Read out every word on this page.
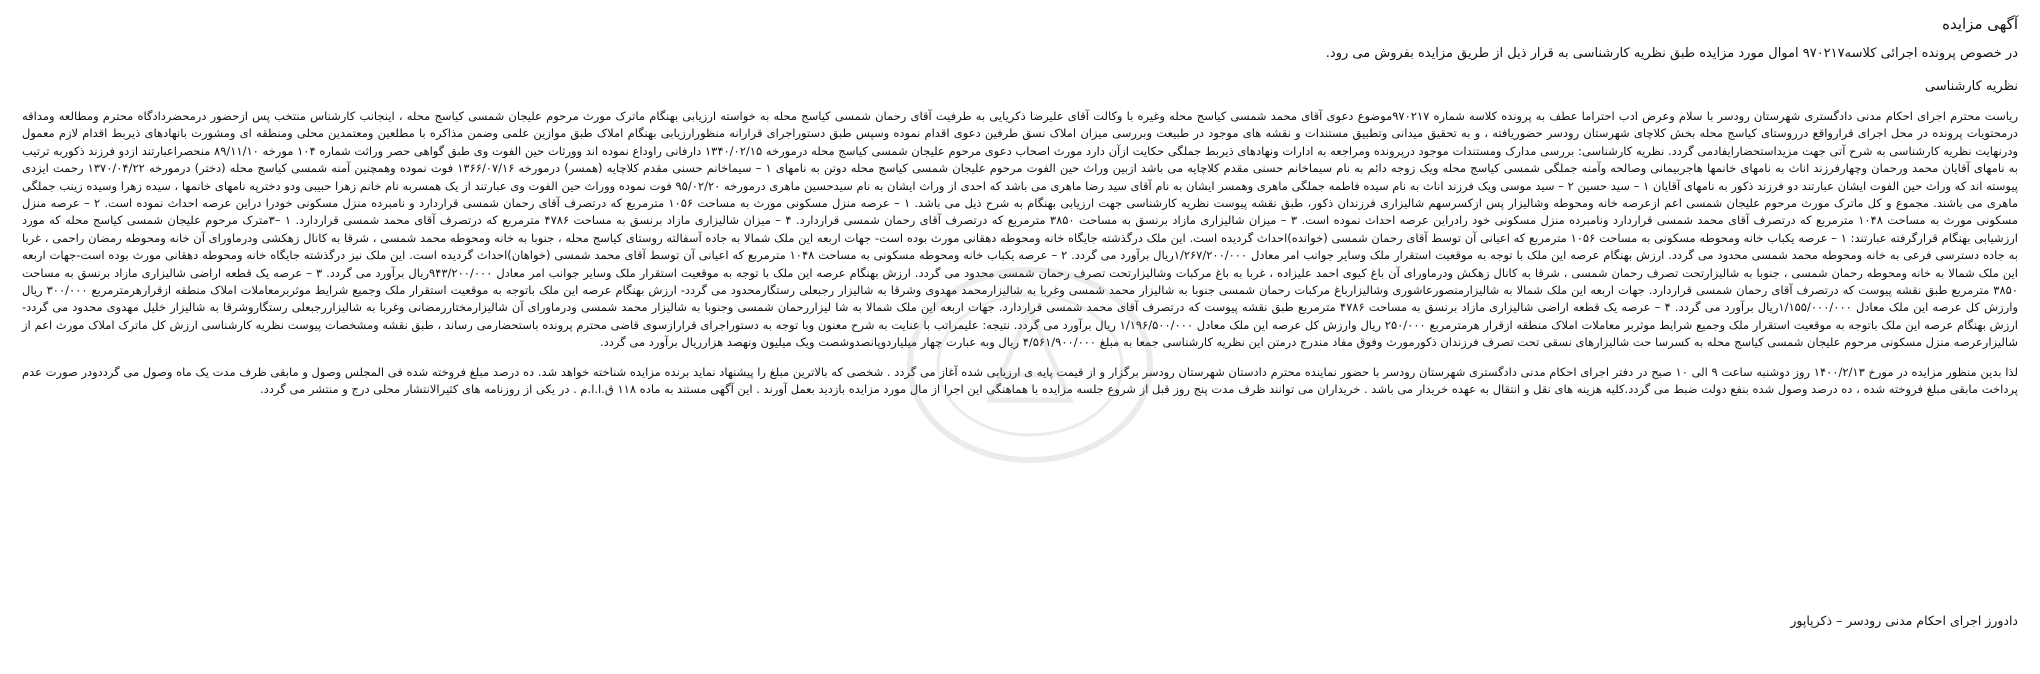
آگهی مزایده

در خصوص پرونده اجرائی کلاسه۹۷۰۲۱۷ اموال مورد مزایده طبق نظریه کارشناسی به قرار ذیل از طریق مزایده بفروش می رود.

نظریه کارشناسی

ریاست محترم اجرای احکام مدنی دادگستری شهرستان رودسر با سلام وعرض ادب احتراما عطف به پرونده کلاسه شماره ۹۷۰۲۱۷موضوع دعوی آقای محمد شمسی کیاسج محله وغیره با وکالت آقای علیرضا ذکریایی به طرفیت آقای رحمان شمسی کیاسج محله به خواسته ارزیابی بهنگام ماترک مورث مرحوم علیجان شمسی کیاسج محله ، اینجانب کارشناس منتخب پس ازحضور درمحضردادگاه محترم ومطالعه ومداقه درمحتویات پرونده در محل اجرای قرارواقع درروستای کیاسج محله بخش کلاچای شهرستان رودسر حضوریافته ، و به تحقیق میدانی وتطبیق مستندات و نقشه های موجود در طبیعت وبررسی میزان املاک نسق طرفین دعوی اقدام نموده وسپس طبق دستوراجرای قرارانه منظورارزیابی بهنگام املاک طبق موازین علمی وضمن مذاکره با مطلعین ومعتمدین محلی ومنطقه ای ومشورت بانهادهای ذیربط اقدام لازم معمول ودرنهایت نظریه کارشناسی به شرح آتی جهت مزیداستحضارایفادمی گردد. نظریه کارشناسی: بررسی مدارک ومستندات موجود درپرونده ومراجعه به ادارات ونهادهای ذیربط جملگی حکایت ازآن دارد مورث اصحاب دعوی مرحوم علیجان شمسی کیاسج محله درمورخه ۱۳۴۰/۰۲/۱۵ دارفانی راوداع نموده اند وورثات حین الفوت وی طبق گواهی حصر وراثت شماره ۱۰۴ مورخه ۸۹/۱۱/۱۰ منحصراعبارتند ازدو فرزند ذکوربه ترتیب به نامهای آقایان محمد ورحمان وچهارفرزند اناث به نامهای خانمها هاجربیمانی وصالحه وآمنه جملگی شمسی کیاسج محله ویک زوجه دائم به نام سیماخانم حسنی مقدم کلاچایه می باشد ازبین وراث حین الفوت مرحوم علیجان شمسی کیاسج محله دوتن به نامهای ۱ – سیماخانم حسنی مقدم کلاچایه (همسر) درمورخه ۱۳۶۶/۰۷/۱۶ فوت نموده وهمچنین آمنه شمسی کیاسج محله (دختر) درمورخه ۱۳۷۰/۰۴/۲۲ رحمت ایزدی پیوسته اند که وراث حین الفوت ایشان عبارتند دو فرزند ذکور به نامهای آقایان ۱ – سید حسین ۲ – سید موسی ویک فرزند اناث به نام سیده فاطمه جملگی ماهری وهمسر ایشان به نام آقای سید رضا ماهری می باشد که احدی از وراث ایشان به نام سیدحسین ماهری درمورخه ۹۵/۰۲/۲۰ فوت نموده ووراث حین الفوت وی عبارتند از یک همسربه نام خانم زهرا حبیبی ودو دخترپه نامهای خانمها ، سیده زهرا وسیده زینب جملگی ماهری می باشند. مجموع و کل ماترک مورث مرحوم علیجان شمسی اعم ازعرصه خانه ومحوطه وشالیزار پس ازکسرسهم شالیزاری فرزندان ذکور، طبق نقشه پیوست نظریه کارشناسی جهت ارزیابی بهنگام به شرح ذیل می باشد. ۱ – عرصه منزل مسکونی مورث به مساحت ۱۰۵۶ مترمربع که درتصرف آقای رحمان شمسی قراردارد و نامبرده منزل مسکونی خودرا دراین عرصه احداث نموده است. ۲ – عرصه منزل مسکونی مورث به مساحت ۱۰۴۸ مترمربع که درتصرف آقای محمد شمسی قراردارد ونامبرده منزل مسکونی خود رادراین عرصه احداث نموده است. ۳ – میزان شالیزاری مازاد برنسق به مساحت ۳۸۵۰ مترمربع که درتصرف آقای رحمان شمسی قراردارد. ۴ – میزان شالیزاری مازاد برنسق به مساحت ۴۷۸۶ مترمربع که درتصرف آقای محمد شمسی قراردارد. ۱ –۳مترک مرحوم علیجان شمسی کیاسج محله که مورد ارزشیابی بهنگام قرارگرفته عبارتند: ۱ – عرصه یکباب خانه ومحوطه مسکونی به مساحت ۱۰۵۶ مترمربع که اعیانی آن توسط آقای رحمان شمسی (خوانده)احداث گردیده است. این ملک درگذشته جایگاه خانه ومحوطه دهقانی مورث بوده است- جهات اربعه این ملک شمالا به جاده آسفالته روستای کیاسج محله ، جنوبا به خانه ومحوطه محمد شمسی ، شرقا به کانال زهکشی ودرماورای آن خانه ومحوطه رمضان راحمی ، غربا به جاده دسترسی فرعی به خانه ومحوطه محمد شمسی محدود می گردد. ارزش بهنگام عرصه این ملک با توجه به موقعیت استقرار ملک وسایر جوانب امر معادل ۱/۲۶۷/۲۰۰/۰۰۰ریال برآورد می گردد. ۲ – عرصه یکباب خانه ومحوطه مسکونی به مساحت ۱۰۴۸ مترمربع که اعیانی آن توسط آقای محمد شمسی (خواهان)احداث گردیده است. این ملک نیز درگذشته جایگاه خانه ومحوطه دهقانی مورث بوده است-جهات اربعه این ملک شمالا به خانه ومحوطه رحمان شمسی ، جنوبا به شالیزارتحت تصرف رحمان شمسی ، شرقا به کانال زهکش ودرماورای آن باغ کیوی احمد علیزاده ، غربا به باغ مرکبات وشالیزارتحت تصرف رحمان شمسی محدود می گردد. ارزش بهنگام عرصه این ملک با توجه به موقعیت استقرار ملک وسایر جوانب امر معادل ۹۴۳/۲۰۰/۰۰۰ریال برآورد می گردد. ۳ – عرصه یک قطعه اراضی شالیزاری مازاد برنسق به مساحت ۳۸۵۰ مترمربع طبق نقشه پیوست که درتصرف آقای رحمان شمسی قراردارد. جهات اربعه این ملک شمالا به شالیزارمنصورعاشوری وشالیزارباغ مرکبات رحمان شمسی جنوبا به شالیزار محمد شمسی وغربا به شالیزارمحمد مهدوی وشرقا به شالیزار رجبعلی رستگارمحدود می گردد- ارزش بهنگام عرصه این ملک باتوجه به موقعیت استقرار ملک وجمیع شرایط موثربرمعاملات املاک منطقه ازقرارهرمترمربع ۳۰۰/۰۰۰ ریال وارزش کل عرصه این ملک معادل ۱/۱۵۵/۰۰۰/۰۰۰ریال برآورد می گردد. ۴ – عرصه یک قطعه اراضی شالیزاری مازاد برنسق به مساحت ۴۷۸۶ مترمربع طبق نقشه پیوست که درتصرف آقای محمد شمسی قراردارد. جهات اربعه این ملک شمالا به شا لیزاررحمان شمسی وجنوبا به شالیزار محمد شمسی ودرماورای آن شالیزارمختاررمضانی وغربا به شالیزاررجبعلی رستگاروشرقا به شالیزار خلیل مهدوی محدود می گردد- ارزش بهنگام عرصه این ملک باتوجه به موقعیت استقرار ملک وجمیع شرایط موثربر معاملات املاک منطقه ازقرار هرمترمربع ۲۵۰/۰۰۰ ریال وارزش کل عرصه این ملک معادل ۱/۱۹۶/۵۰۰/۰۰۰ ریال برآورد می گردد. نتیجه: علیمراتب با عنایت به شرح معنون وبا توجه به دستوراجرای قرارازسوی قاضی محترم پرونده باستحضارمی رساند ، طبق نقشه ومشخصات پیوست نظریه کارشناسی ارزش کل ماترک املاک مورث اعم از شالیزارعرصه منزل مسکونی مرحوم علیجان شمسی کیاسج محله به کسرسا حت شالیزارهای نسقی تحت تصرف فرزندان ذکورمورث وفوق مفاد مندرج درمتن این نظریه کارشناسی جمعا به مبلغ ۴/۵۶۱/۹۰۰/۰۰۰ ریال وبه عبارت چهار میلیاردوپانصدوشصت ویک میلیون ونهصد هزارریال برآورد می گردد.

لذا بدین منظور مزایده در مورخ ۱۴۰۰/۲/۱۳ روز دوشنبه ساعت ۹ الی ۱۰ صبح در دفتر اجرای احکام مدنی دادگستری شهرستان رودسر با حضور نماینده محترم دادستان شهرستان رودسر برگزار و از قیمت پایه ی ارزیابی شده آغاز می گردد . شخصی که بالاترین مبلغ را پیشنهاد نماید برنده مزایده شناخته خواهد شد. ده درصد مبلغ فروخته شده فی المجلس وصول و مابقی ظرف مدت یک ماه وصول می گرددودر صورت عدم پرداخت مابقی مبلغ فروخته شده ، ده درصد وصول شده بنفع دولت ضبط می گردد.کلیه هزینه های نقل و انتقال به عهده خریدار می باشد . خریداران می توانند ظرف مدت پنج روز قبل از شروع جلسه مزایده با هماهنگی این اجرا از مال مورد مزایده بازدید بعمل آورند . این آگهی مستند به ماده ۱۱۸ ق.ا.ا.م . در یکی از روزنامه های کثیرالانتشار محلی درج و منتشر می گردد.

دادورز اجرای احکام مدنی رودسر – ذکرپاپور
